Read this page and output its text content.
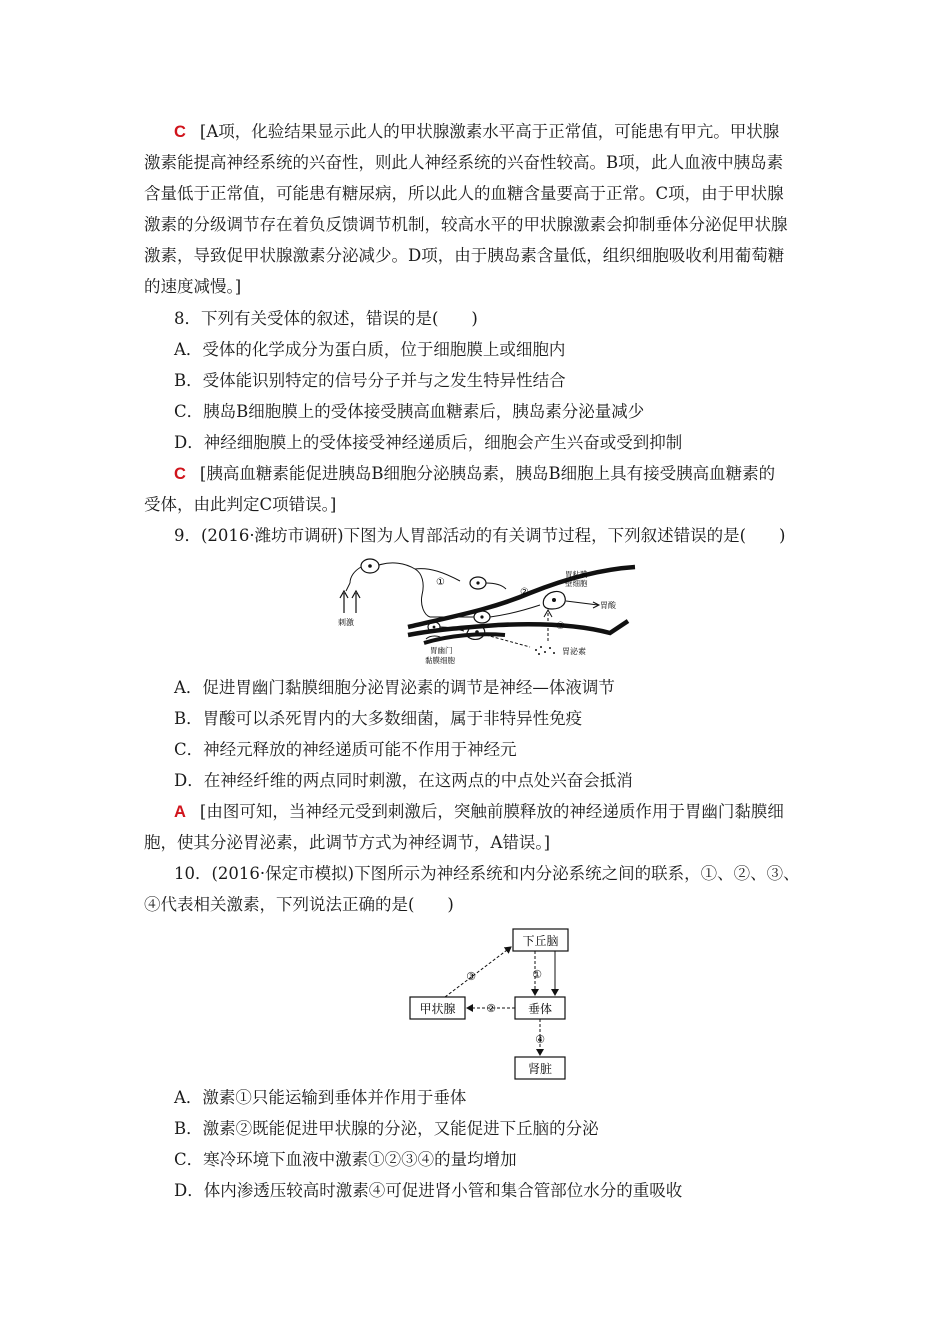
C [A项，化验结果显示此人的甲状腺激素水平高于正常值，可能患有甲亢。甲状腺
激素能提高神经系统的兴奋性，则此人神经系统的兴奋性较高。B项，此人血液中胰岛素
含量低于正常值，可能患有糖尿病，所以此人的血糖含量要高于正常。C项，由于甲状腺
激素的分级调节存在着负反馈调节机制，较高水平的甲状腺激素会抑制垂体分泌促甲状腺
激素，导致促甲状腺激素分泌减少。D项，由于胰岛素含量低，组织细胞吸收利用葡萄糖
的速度减慢。]
8．下列有关受体的叙述，错误的是(　　)
A．受体的化学成分为蛋白质，位于细胞膜上或细胞内
B．受体能识别特定的信号分子并与之发生特异性结合
C．胰岛B细胞膜上的受体接受胰高血糖素后，胰岛素分泌量减少
D．神经细胞膜上的受体接受神经递质后，细胞会产生兴奋或受到抑制
C [胰高血糖素能促进胰岛B细胞分泌胰岛素，胰岛B细胞上具有接受胰高血糖素的
受体，由此判定C项错误。]
9．(2016·潍坊市调研)下图为人胃部活动的有关调节过程，下列叙述错误的是(　　)
刺激
胃酸
胃粘膜
壁细胞
①
②
③
胃泌素
胃幽门
黏膜细胞
A．促进胃幽门黏膜细胞分泌胃泌素的调节是神经—体液调节
B．胃酸可以杀死胃内的大多数细菌，属于非特异性免疫
C．神经元释放的神经递质可能不作用于神经元
D．在神经纤维的两点同时刺激，在这两点的中点处兴奋会抵消
A [由图可知，当神经元受到刺激后，突触前膜释放的神经递质作用于胃幽门黏膜细
胞，使其分泌胃泌素，此调节方式为神经调节，A错误。]
10．(2016·保定市模拟)下图所示为神经系统和内分泌系统之间的联系，①、②、③、
④代表相关激素，下列说法正确的是(　　)
下丘脑
垂体
甲状腺
肾脏
①
②
③
④
A．激素①只能运输到垂体并作用于垂体
B．激素②既能促进甲状腺的分泌，又能促进下丘脑的分泌
C．寒冷环境下血液中激素①②③④的量均增加
D．体内渗透压较高时激素④可促进肾小管和集合管部位水分的重吸收
